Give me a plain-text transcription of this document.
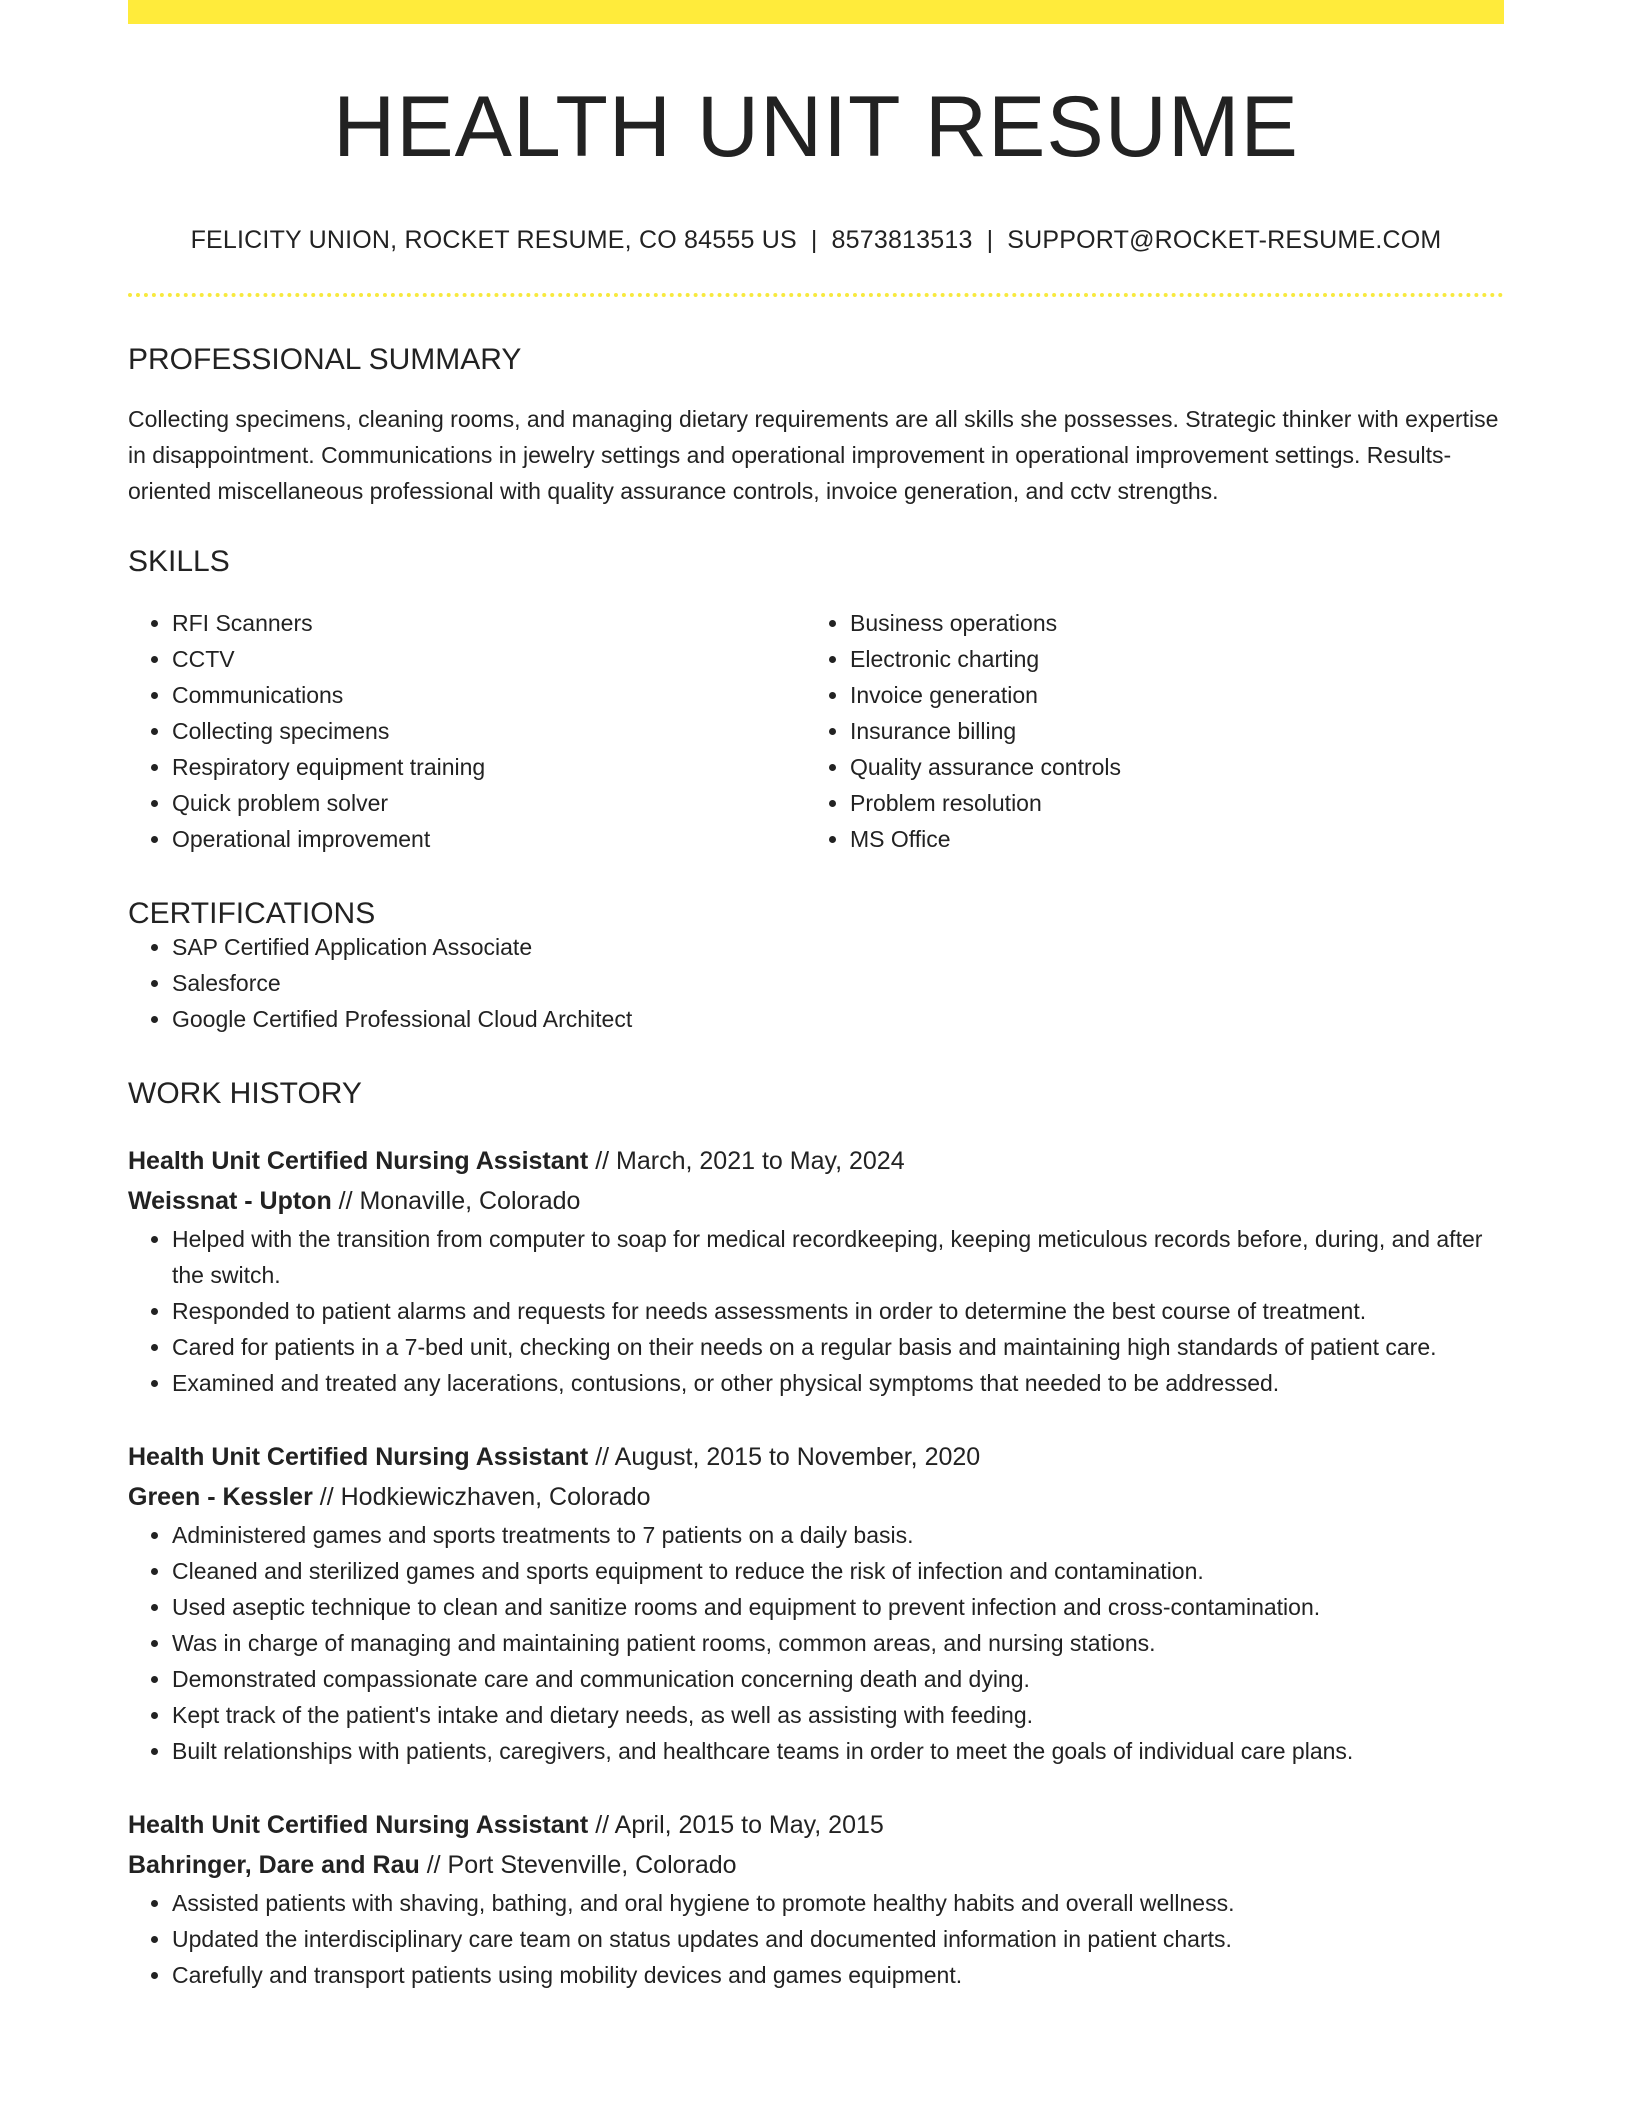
HEALTH UNIT RESUME
FELICITY UNION, ROCKET RESUME, CO 84555 US | 8573813513 | SUPPORT@ROCKET-RESUME.COM
PROFESSIONAL SUMMARY

Collecting specimens, cleaning rooms, and managing dietary requirements are all skills she possesses. Strategic thinker with expertise in disappointment. Communications in jewelry settings and operational improvement in operational improvement settings. Results-oriented miscellaneous professional with quality assurance controls, invoice generation, and cctv strengths.

SKILLS
• RFI Scanners
• CCTV
• Communications
• Collecting specimens
• Respiratory equipment training
• Quick problem solver
• Operational improvement
• Business operations
• Electronic charting
• Invoice generation
• Insurance billing
• Quality assurance controls
• Problem resolution
• MS Office
CERTIFICATIONS
• SAP Certified Application Associate
• Salesforce
• Google Certified Professional Cloud Architect
WORK HISTORY
Health Unit Certified Nursing Assistant // March, 2021 to May, 2024
Weissnat - Upton // Monaville, Colorado
• Helped with the transition from computer to soap for medical recordkeeping, keeping meticulous records before, during, and after the switch.
• Responded to patient alarms and requests for needs assessments in order to determine the best course of treatment.
• Cared for patients in a 7-bed unit, checking on their needs on a regular basis and maintaining high standards of patient care.
• Examined and treated any lacerations, contusions, or other physical symptoms that needed to be addressed.
Health Unit Certified Nursing Assistant // August, 2015 to November, 2020
Green - Kessler // Hodkiewiczhaven, Colorado
• Administered games and sports treatments to 7 patients on a daily basis.
• Cleaned and sterilized games and sports equipment to reduce the risk of infection and contamination.
• Used aseptic technique to clean and sanitize rooms and equipment to prevent infection and cross-contamination.
• Was in charge of managing and maintaining patient rooms, common areas, and nursing stations.
• Demonstrated compassionate care and communication concerning death and dying.
• Kept track of the patient's intake and dietary needs, as well as assisting with feeding.
• Built relationships with patients, caregivers, and healthcare teams in order to meet the goals of individual care plans.
Health Unit Certified Nursing Assistant // April, 2015 to May, 2015
Bahringer, Dare and Rau // Port Stevenville, Colorado
• Assisted patients with shaving, bathing, and oral hygiene to promote healthy habits and overall wellness.
• Updated the interdisciplinary care team on status updates and documented information in patient charts.
• Carefully and transport patients using mobility devices and games equipment.
